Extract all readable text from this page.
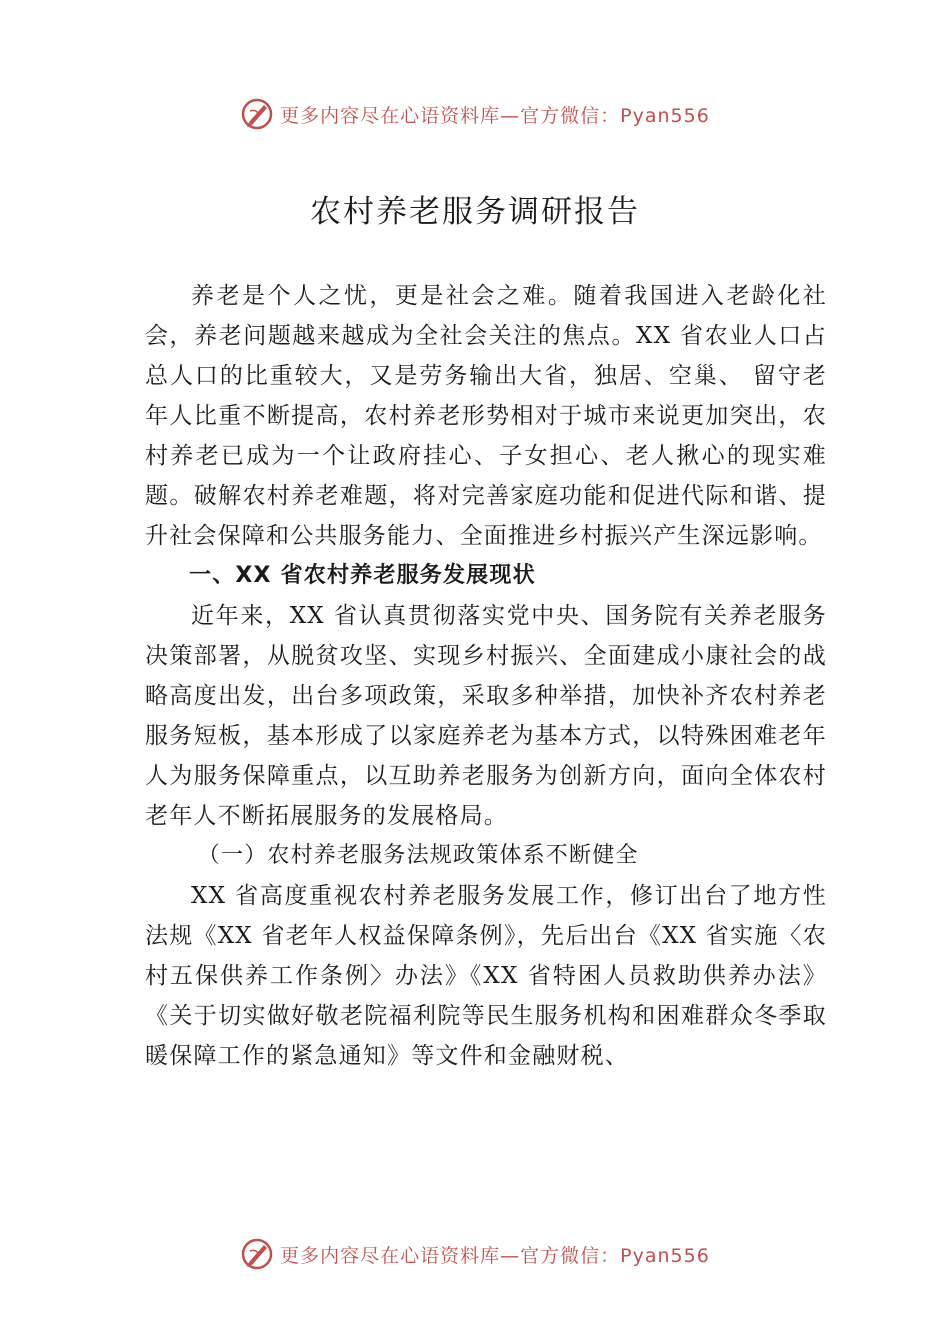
更多内容尽在心语资料库—官方微信：Pyan556
农村养老服务调研报告

养老是个人之忧，更是社会之难。随着我国进入老龄化社会，养老问题越来越成为全社会关注的焦点。XX 省农业人口占总人口的比重较大，又是劳务输出大省，独居、空巢、 留守老年人比重不断提高，农村养老形势相对于城市来说更加突出，农村养老已成为一个让政府挂心、子女担心、老人揪心的现实难题。破解农村养老难题，将对完善家庭功能和促进代际和谐、提升社会保障和公共服务能力、全面推进乡村振兴产生深远影响。

一、XX 省农村养老服务发展现状

近年来，XX 省认真贯彻落实党中央、国务院有关养老服务决策部署，从脱贫攻坚、实现乡村振兴、全面建成小康社会的战略高度出发，出台多项政策，采取多种举措，加快补齐农村养老服务短板，基本形成了以家庭养老为基本方式，以特殊困难老年人为服务保障重点，以互助养老服务为创新方向，面向全体农村老年人不断拓展服务的发展格局。

（一）农村养老服务法规政策体系不断健全

XX 省高度重视农村养老服务发展工作，修订出台了地方性法规《XX 省老年人权益保障条例》，先后出台《XX 省实施〈农村五保供养工作条例〉办法》《XX 省特困人员救助供养办法》《关于切实做好敬老院福利院等民生服务机构和困难群众冬季取暖保障工作的紧急通知》等文件和金融财税、

更多内容尽在心语资料库—官方微信：Pyan556
